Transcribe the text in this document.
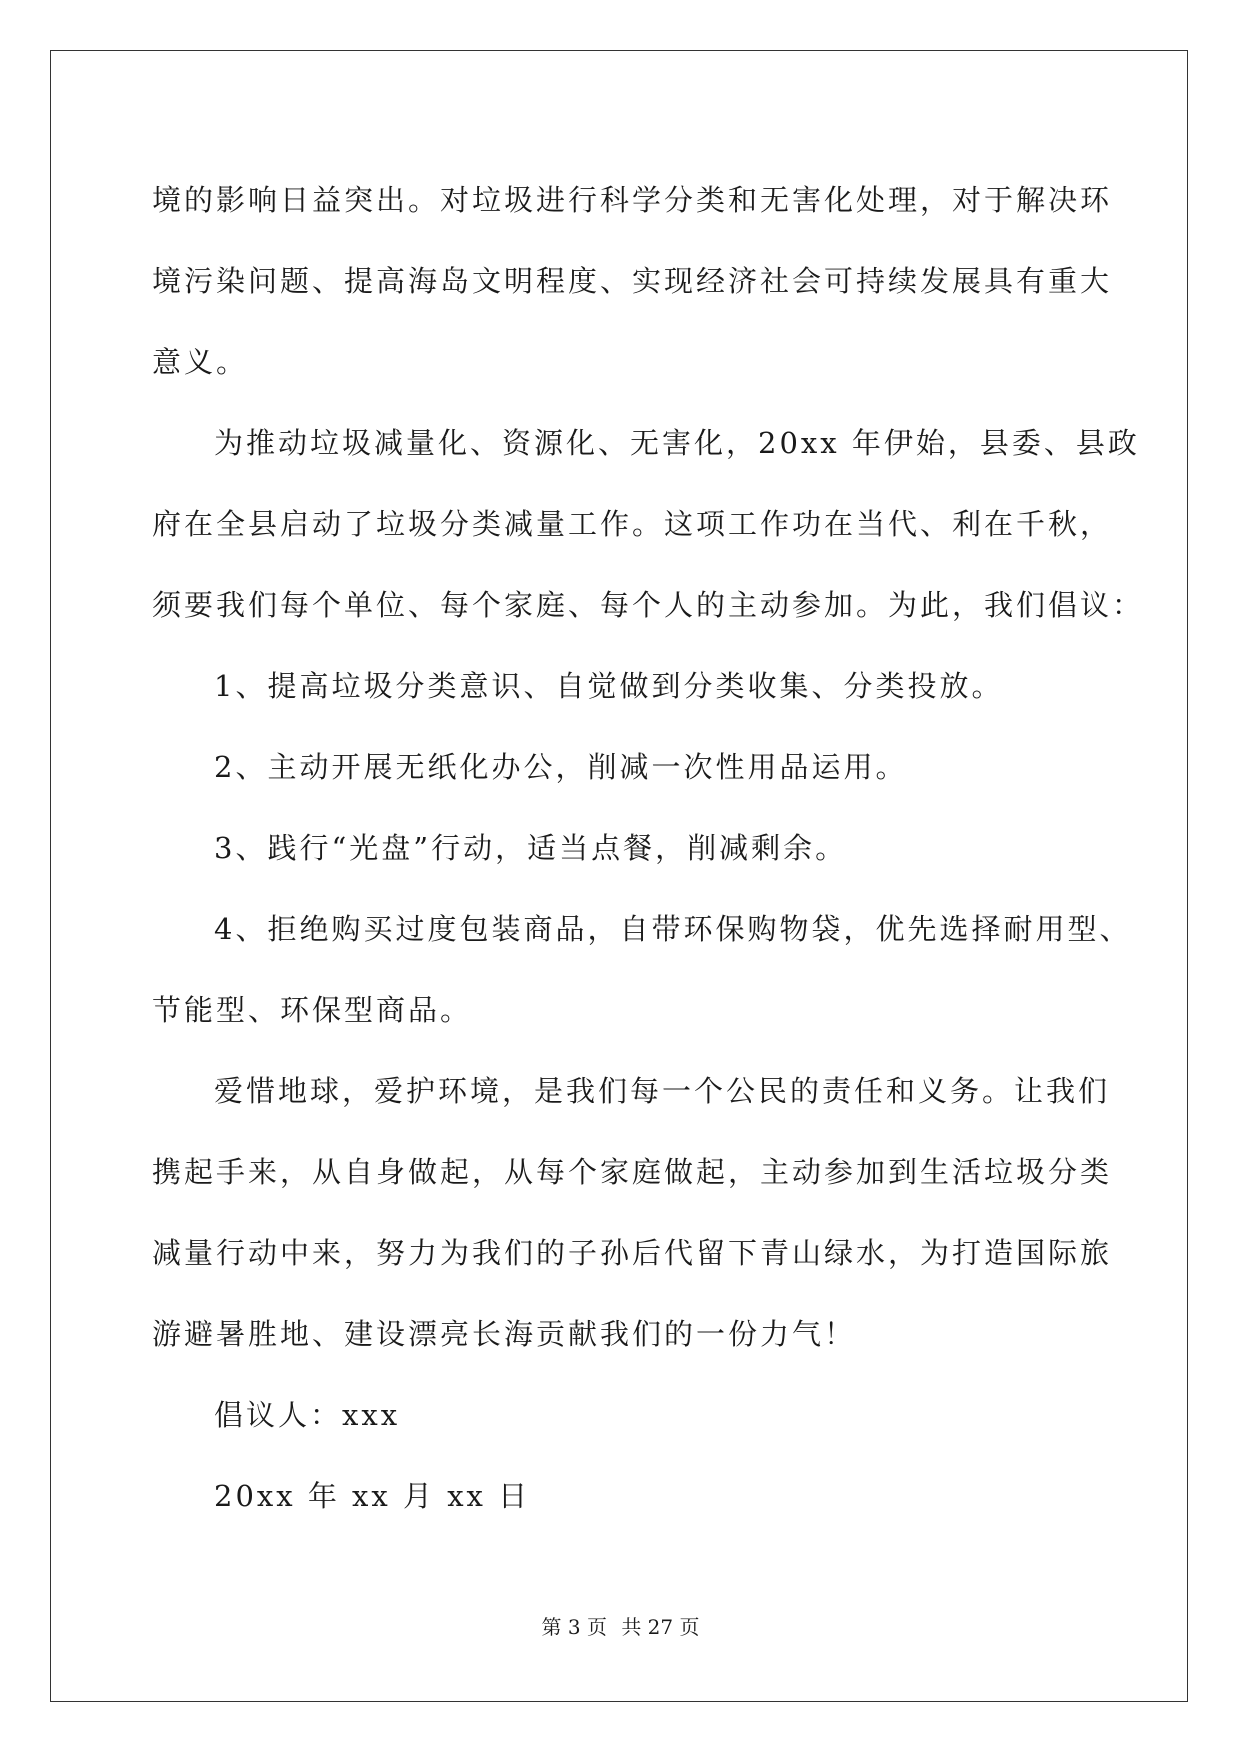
境的影响日益突出。对垃圾进行科学分类和无害化处理，对于解决环
境污染问题、提高海岛文明程度、实现经济社会可持续发展具有重大
意义。
为推动垃圾减量化、资源化、无害化，20xx 年伊始，县委、县政
府在全县启动了垃圾分类减量工作。这项工作功在当代、利在千秋，
须要我们每个单位、每个家庭、每个人的主动参加。为此，我们倡议：
1、提高垃圾分类意识、自觉做到分类收集、分类投放。
2、主动开展无纸化办公，削减一次性用品运用。
3、践行“光盘”行动，适当点餐，削减剩余。
4、拒绝购买过度包装商品，自带环保购物袋，优先选择耐用型、
节能型、环保型商品。
爱惜地球，爱护环境，是我们每一个公民的责任和义务。让我们
携起手来，从自身做起，从每个家庭做起，主动参加到生活垃圾分类
减量行动中来，努力为我们的子孙后代留下青山绿水，为打造国际旅
游避暑胜地、建设漂亮长海贡献我们的一份力气！
倡议人：xxx
20xx 年 xx 月 xx 日
第 3 页 共 27 页
